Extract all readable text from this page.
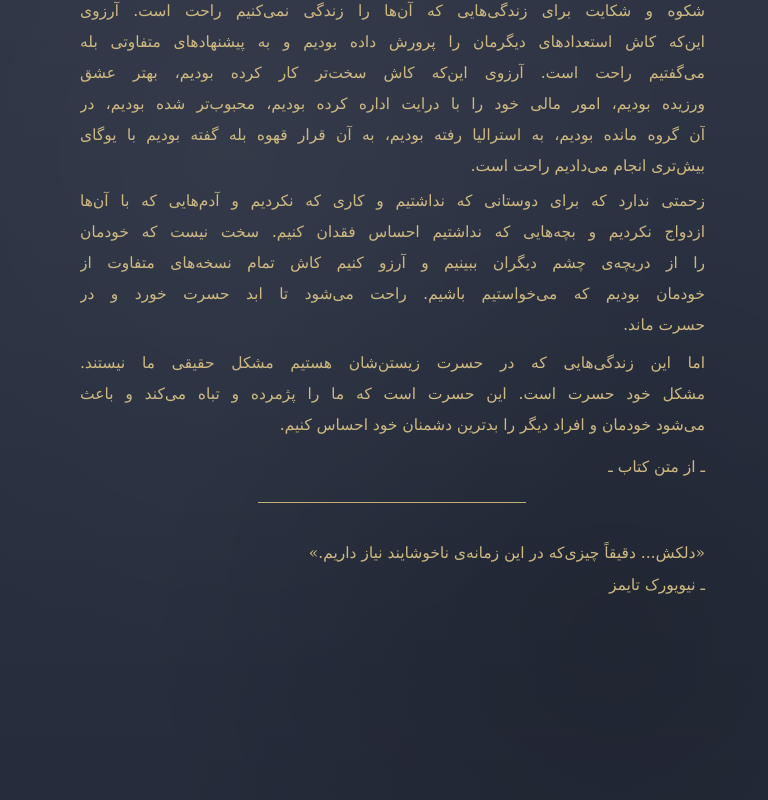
شکوه و شکایت برای زندگی‌هایی که آن‌ها را زندگی نمی‌کنیم راحت است. آرزوی
این‌که کاش استعدادهای دیگرمان را پرورش داده بودیم و به پیشنهادهای متفاوتی بله
می‌گفتیم راحت است. آرزوی این‌که کاش سخت‌تر کار کرده بودیم، بهتر عشق
ورزیده بودیم، امور مالی خود را با درایت اداره کرده بودیم، محبوب‌تر شده بودیم، در
آن گروه مانده بودیم، به استرالیا رفته بودیم، به آن قرار قهوه بله گفته بودیم با یوگای
بیش‌تری انجام می‌دادیم راحت است.
زحمتی ندارد که برای دوستانی که نداشتیم و کاری که نکردیم و آدم‌هایی که با آن‌ها
ازدواج نکردیم و بچه‌هایی که نداشتیم احساس فقدان کنیم. سخت نیست که خودمان
را از دریچه‌ی چشم دیگران ببینیم و آرزو کنیم کاش تمام نسخه‌های متفاوت از
خودمان بودیم که می‌خواستیم باشیم. راحت می‌شود تا ابد حسرت خورد و در
حسرت ماند.
اما این زندگی‌هایی که در حسرت زیستن‌شان هستیم مشکل حقیقی ما نیستند.
مشکل خود حسرت است. این حسرت است که ما را پژمرده و تباه می‌کند و باعث
می‌شود خودمان و افراد دیگر را بدترین دشمنان خود احساس کنیم.
ـ از متن کتاب ـ
«دلکش... دقیقاً چیزی‌که در این زمانه‌ی ناخوشایند نیاز داریم.»
ـ نیویورک تایمز
